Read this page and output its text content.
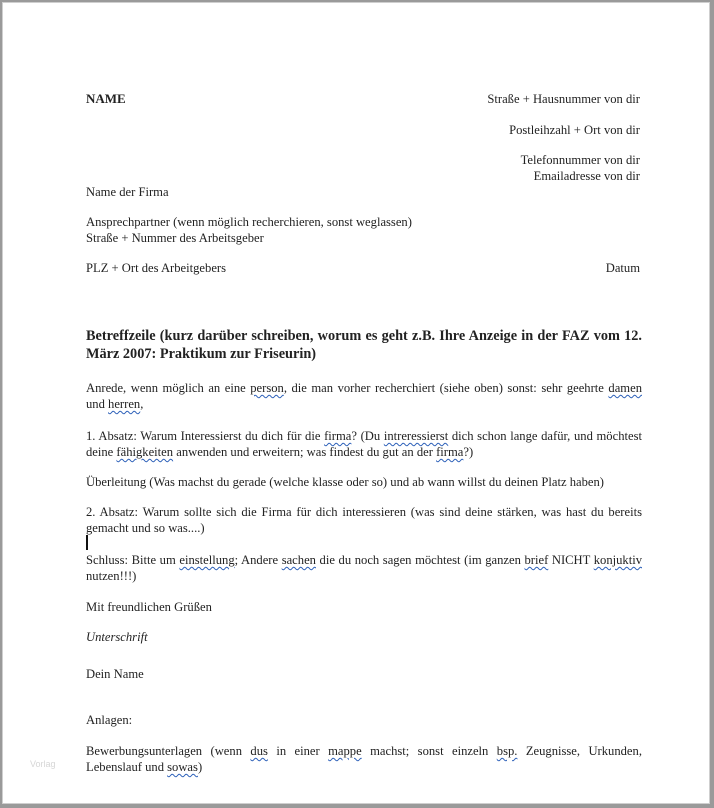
NAME	Straße + Hausnummer von dir
Postleihzahl + Ort von dir
Telefonnummer von dir
Emailadresse von dir
Name der Firma
Ansprechpartner (wenn möglich recherchieren, sonst weglassen)
Straße + Nummer des Arbeitsgeber
PLZ + Ort des Arbeitgebers	Datum
Betreffzeile (kurz darüber schreiben, worum es geht z.B. Ihre Anzeige in der FAZ vom 12. März 2007: Praktikum zur Friseurin)
Anrede, wenn möglich an eine person, die man vorher recherchiert (siehe oben) sonst: sehr geehrte damen und herren,
1. Absatz: Warum Interessierst du dich für die firma? (Du intreressierst dich schon lange dafür, und möchtest deine fähigkeiten anwenden und erweitern; was findest du gut an der firma?)
Überleitung (Was machst du gerade (welche klasse oder so) und ab wann willst du deinen Platz haben)
2. Absatz: Warum sollte sich die Firma für dich interessieren (was sind deine stärken, was hast du bereits gemacht und so was....)
Schluss: Bitte um einstellung; Andere sachen die du noch sagen möchtest (im ganzen brief NICHT konjuktiv nutzen!!!)
Mit freundlichen Grüßen
Unterschrift
Dein Name
Anlagen:
Bewerbungsunterlagen (wenn dus in einer mappe machst; sonst einzeln bsp. Zeugnisse, Urkunden, Lebenslauf und sowas)
Vorlag
